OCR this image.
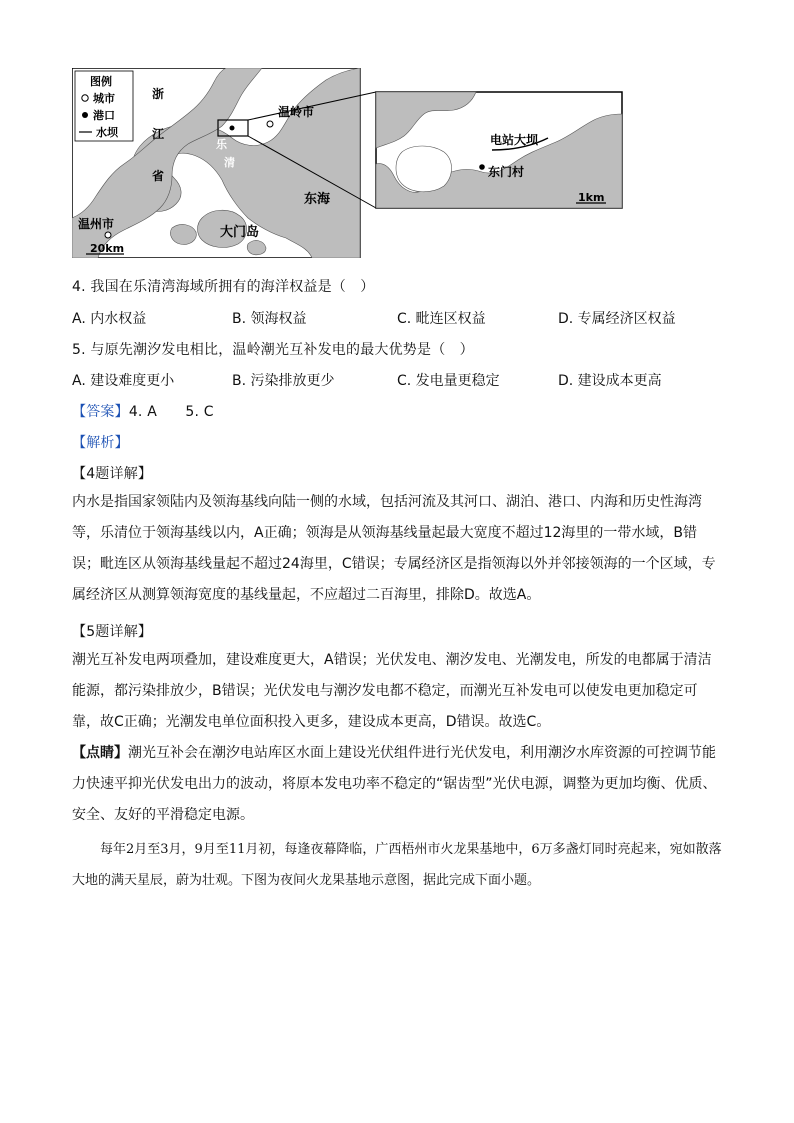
图例
城市
港口
水坝
浙
江
省
乐
清
湾
温岭市
东海
温州市
大门岛
20km
电站大坝
东门村
1km
4. 我国在乐清湾海域所拥有的海洋权益是（　）
A. 内水权益	B. 领海权益	C. 毗连区权益	D. 专属经济区权益
5. 与原先潮汐发电相比，温岭潮光互补发电的最大优势是（　）
A. 建设难度更小	B. 污染排放更少	C. 发电量更稳定	D. 建设成本更高
【答案】4. A　　5. C
【解析】
【4题详解】
内水是指国家领陆内及领海基线向陆一侧的水域，包括河流及其河口、湖泊、港口、内海和历史性海湾等，乐清位于领海基线以内，A正确；领海是从领海基线量起最大宽度不超过12海里的一带水域，B错误；毗连区从领海基线量起不超过24海里，C错误；专属经济区是指领海以外并邻接领海的一个区域，专属经济区从测算领海宽度的基线量起，不应超过二百海里，排除D。故选A。
【5题详解】
潮光互补发电两项叠加，建设难度更大，A错误；光伏发电、潮汐发电、光潮发电，所发的电都属于清洁能源，都污染排放少，B错误；光伏发电与潮汐发电都不稳定，而潮光互补发电可以使发电更加稳定可靠，故C正确；光潮发电单位面积投入更多，建设成本更高，D错误。故选C。
【点睛】潮光互补会在潮汐电站库区水面上建设光伏组件进行光伏发电，利用潮汐水库资源的可控调节能力快速平抑光伏发电出力的波动，将原本发电功率不稳定的“锯齿型”光伏电源，调整为更加均衡、优质、安全、友好的平滑稳定电源。
每年2月至3月，9月至11月初，每逢夜幕降临，广西梧州市火龙果基地中，6万多盏灯同时亮起来，宛如散落大地的满天星辰，蔚为壮观。下图为夜间火龙果基地示意图，据此完成下面小题。
